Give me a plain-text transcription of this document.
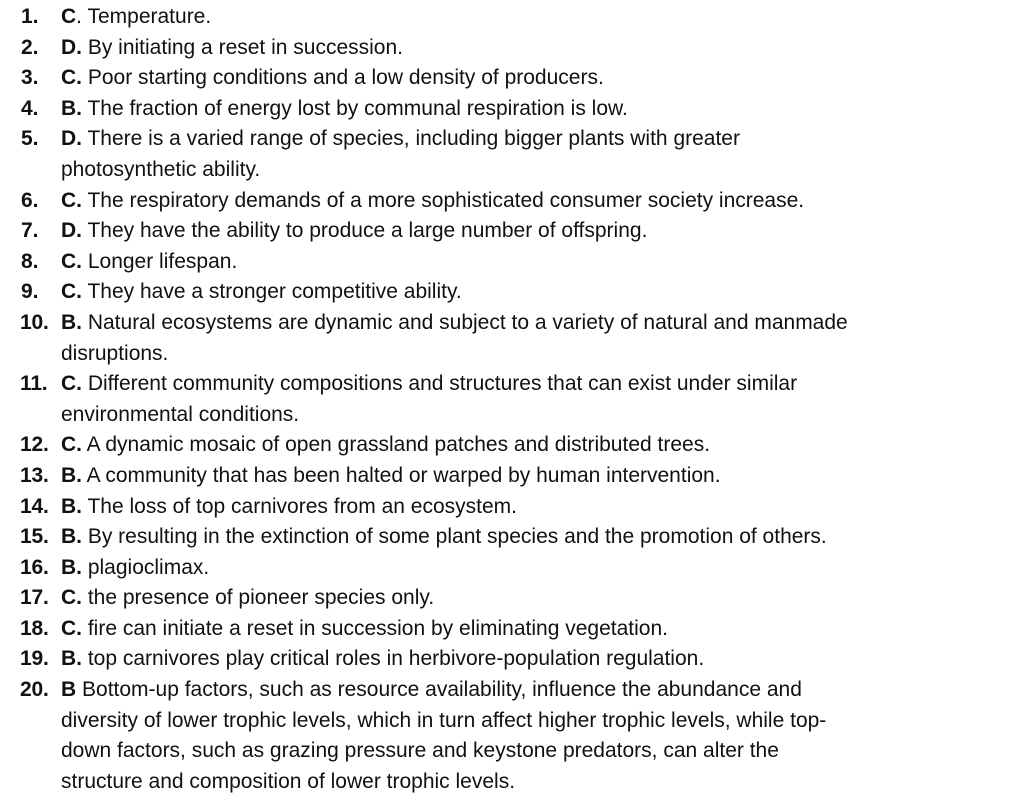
1.	C. Temperature.
2.	D. By initiating a reset in succession.
3.	C. Poor starting conditions and a low density of producers.
4.	B. The fraction of energy lost by communal respiration is low.
5.	D. There is a varied range of species, including bigger plants with greater
photosynthetic ability.
6.	C. The respiratory demands of a more sophisticated consumer society increase.
7.	D. They have the ability to produce a large number of offspring.
8.	C. Longer lifespan.
9.	C. They have a stronger competitive ability.
10. B. Natural ecosystems are dynamic and subject to a variety of natural and manmade
disruptions.
11. C. Different community compositions and structures that can exist under similar
environmental conditions.
12. C. A dynamic mosaic of open grassland patches and distributed trees.
13. B. A community that has been halted or warped by human intervention.
14. B. The loss of top carnivores from an ecosystem.
15. B. By resulting in the extinction of some plant species and the promotion of others.
16. B. plagioclimax.
17. C. the presence of pioneer species only.
18. C. fire can initiate a reset in succession by eliminating vegetation.
19. B. top carnivores play critical roles in herbivore-population regulation.
20. B Bottom-up factors, such as resource availability, influence the abundance and
diversity of lower trophic levels, which in turn affect higher trophic levels, while top-
down factors, such as grazing pressure and keystone predators, can alter the
structure and composition of lower trophic levels.
